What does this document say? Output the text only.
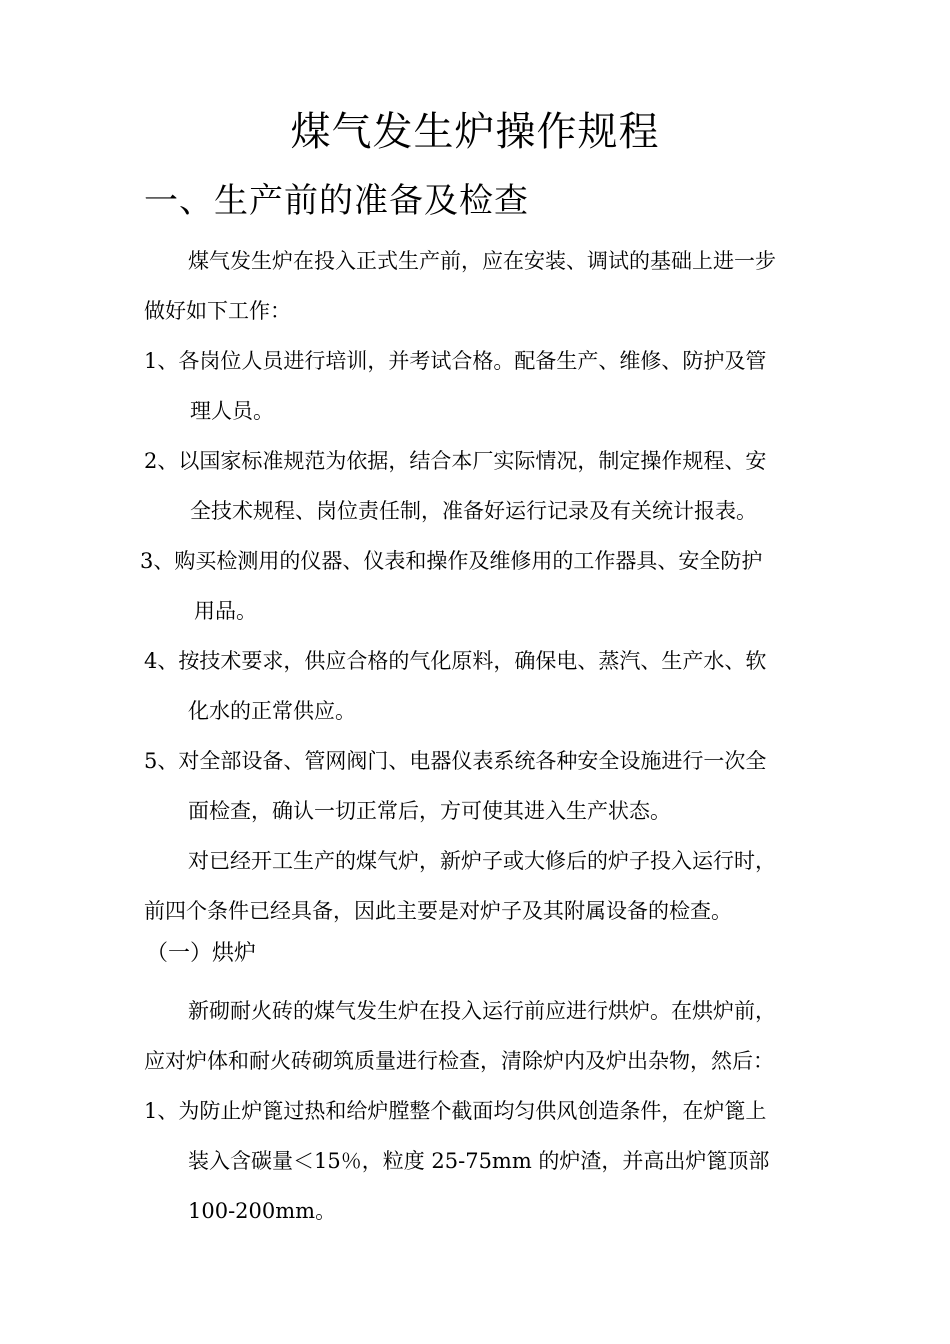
煤气发生炉操作规程
一、生产前的准备及检查
煤气发生炉在投入正式生产前，应在安装、调试的基础上进一步
做好如下工作：
1、各岗位人员进行培训，并考试合格。配备生产、维修、防护及管
理人员。
2、以国家标准规范为依据，结合本厂实际情况，制定操作规程、安
全技术规程、岗位责任制，准备好运行记录及有关统计报表。
3、购买检测用的仪器、仪表和操作及维修用的工作器具、安全防护
用品。
4、按技术要求，供应合格的气化原料，确保电、蒸汽、生产水、软
化水的正常供应。
5、对全部设备、管网阀门、电器仪表系统各种安全设施进行一次全
面检查，确认一切正常后，方可使其进入生产状态。
对已经开工生产的煤气炉，新炉子或大修后的炉子投入运行时，
前四个条件已经具备，因此主要是对炉子及其附属设备的检查。
（一）烘炉
新砌耐火砖的煤气发生炉在投入运行前应进行烘炉。在烘炉前，
应对炉体和耐火砖砌筑质量进行检查，清除炉内及炉出杂物，然后：
1、为防止炉篦过热和给炉膛整个截面均匀供风创造条件，在炉篦上
装入含碳量＜15％，粒度 25-75mm 的炉渣，并高出炉篦顶部
100-200mm。
